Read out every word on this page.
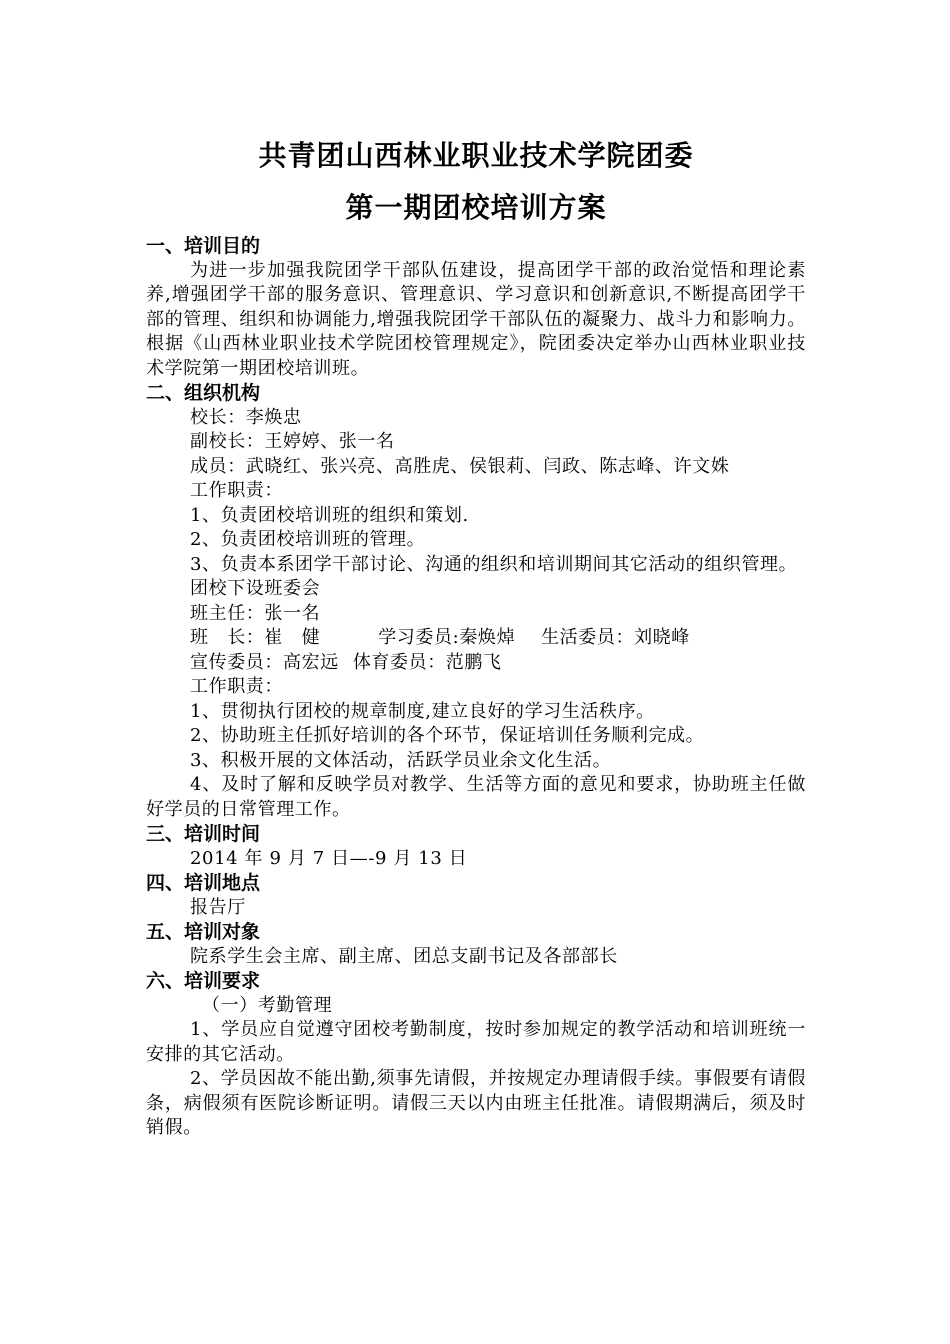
共青团山西林业职业技术学院团委
第一期团校培训方案

一、培训目的

为进一步加强我院团学干部队伍建设，提高团学干部的政治觉悟和理论素养,增强团学干部的服务意识、管理意识、学习意识和创新意识,不断提高团学干部的管理、组织和协调能力,增强我院团学干部队伍的凝聚力、战斗力和影响力。根据《山西林业职业技术学院团校管理规定》，院团委决定举办山西林业职业技术学院第一期团校培训班。

二、组织机构

校长：李焕忠

副校长：王婷婷、张一名

成员：武晓红、张兴亮、高胜虎、侯银莉、闫政、陈志峰、许文姝

工作职责：

1、负责团校培训班的组织和策划.

2、负责团校培训班的管理。

3、负责本系团学干部讨论、沟通的组织和培训期间其它活动的组织管理。

团校下设班委会

班主任：张一名

班　长：崔　健	学习委员:秦焕焯 生活委员：刘晓峰

宣传委员：高宏远 体育委员：范鹏飞

工作职责：

1、贯彻执行团校的规章制度,建立良好的学习生活秩序。

2、协助班主任抓好培训的各个环节，保证培训任务顺利完成。

3、积极开展的文体活动，活跃学员业余文化生活。

4、及时了解和反映学员对教学、生活等方面的意见和要求，协助班主任做好学员的日常管理工作。

三、培训时间

2014 年 9 月 7 日—-9 月 13 日

四、培训地点

报告厅

五、培训对象

院系学生会主席、副主席、团总支副书记及各部部长

六、培训要求

（一）考勤管理

1、学员应自觉遵守团校考勤制度，按时参加规定的教学活动和培训班统一安排的其它活动。

2、学员因故不能出勤,须事先请假，并按规定办理请假手续。事假要有请假条，病假须有医院诊断证明。请假三天以内由班主任批准。请假期满后，须及时销假。
